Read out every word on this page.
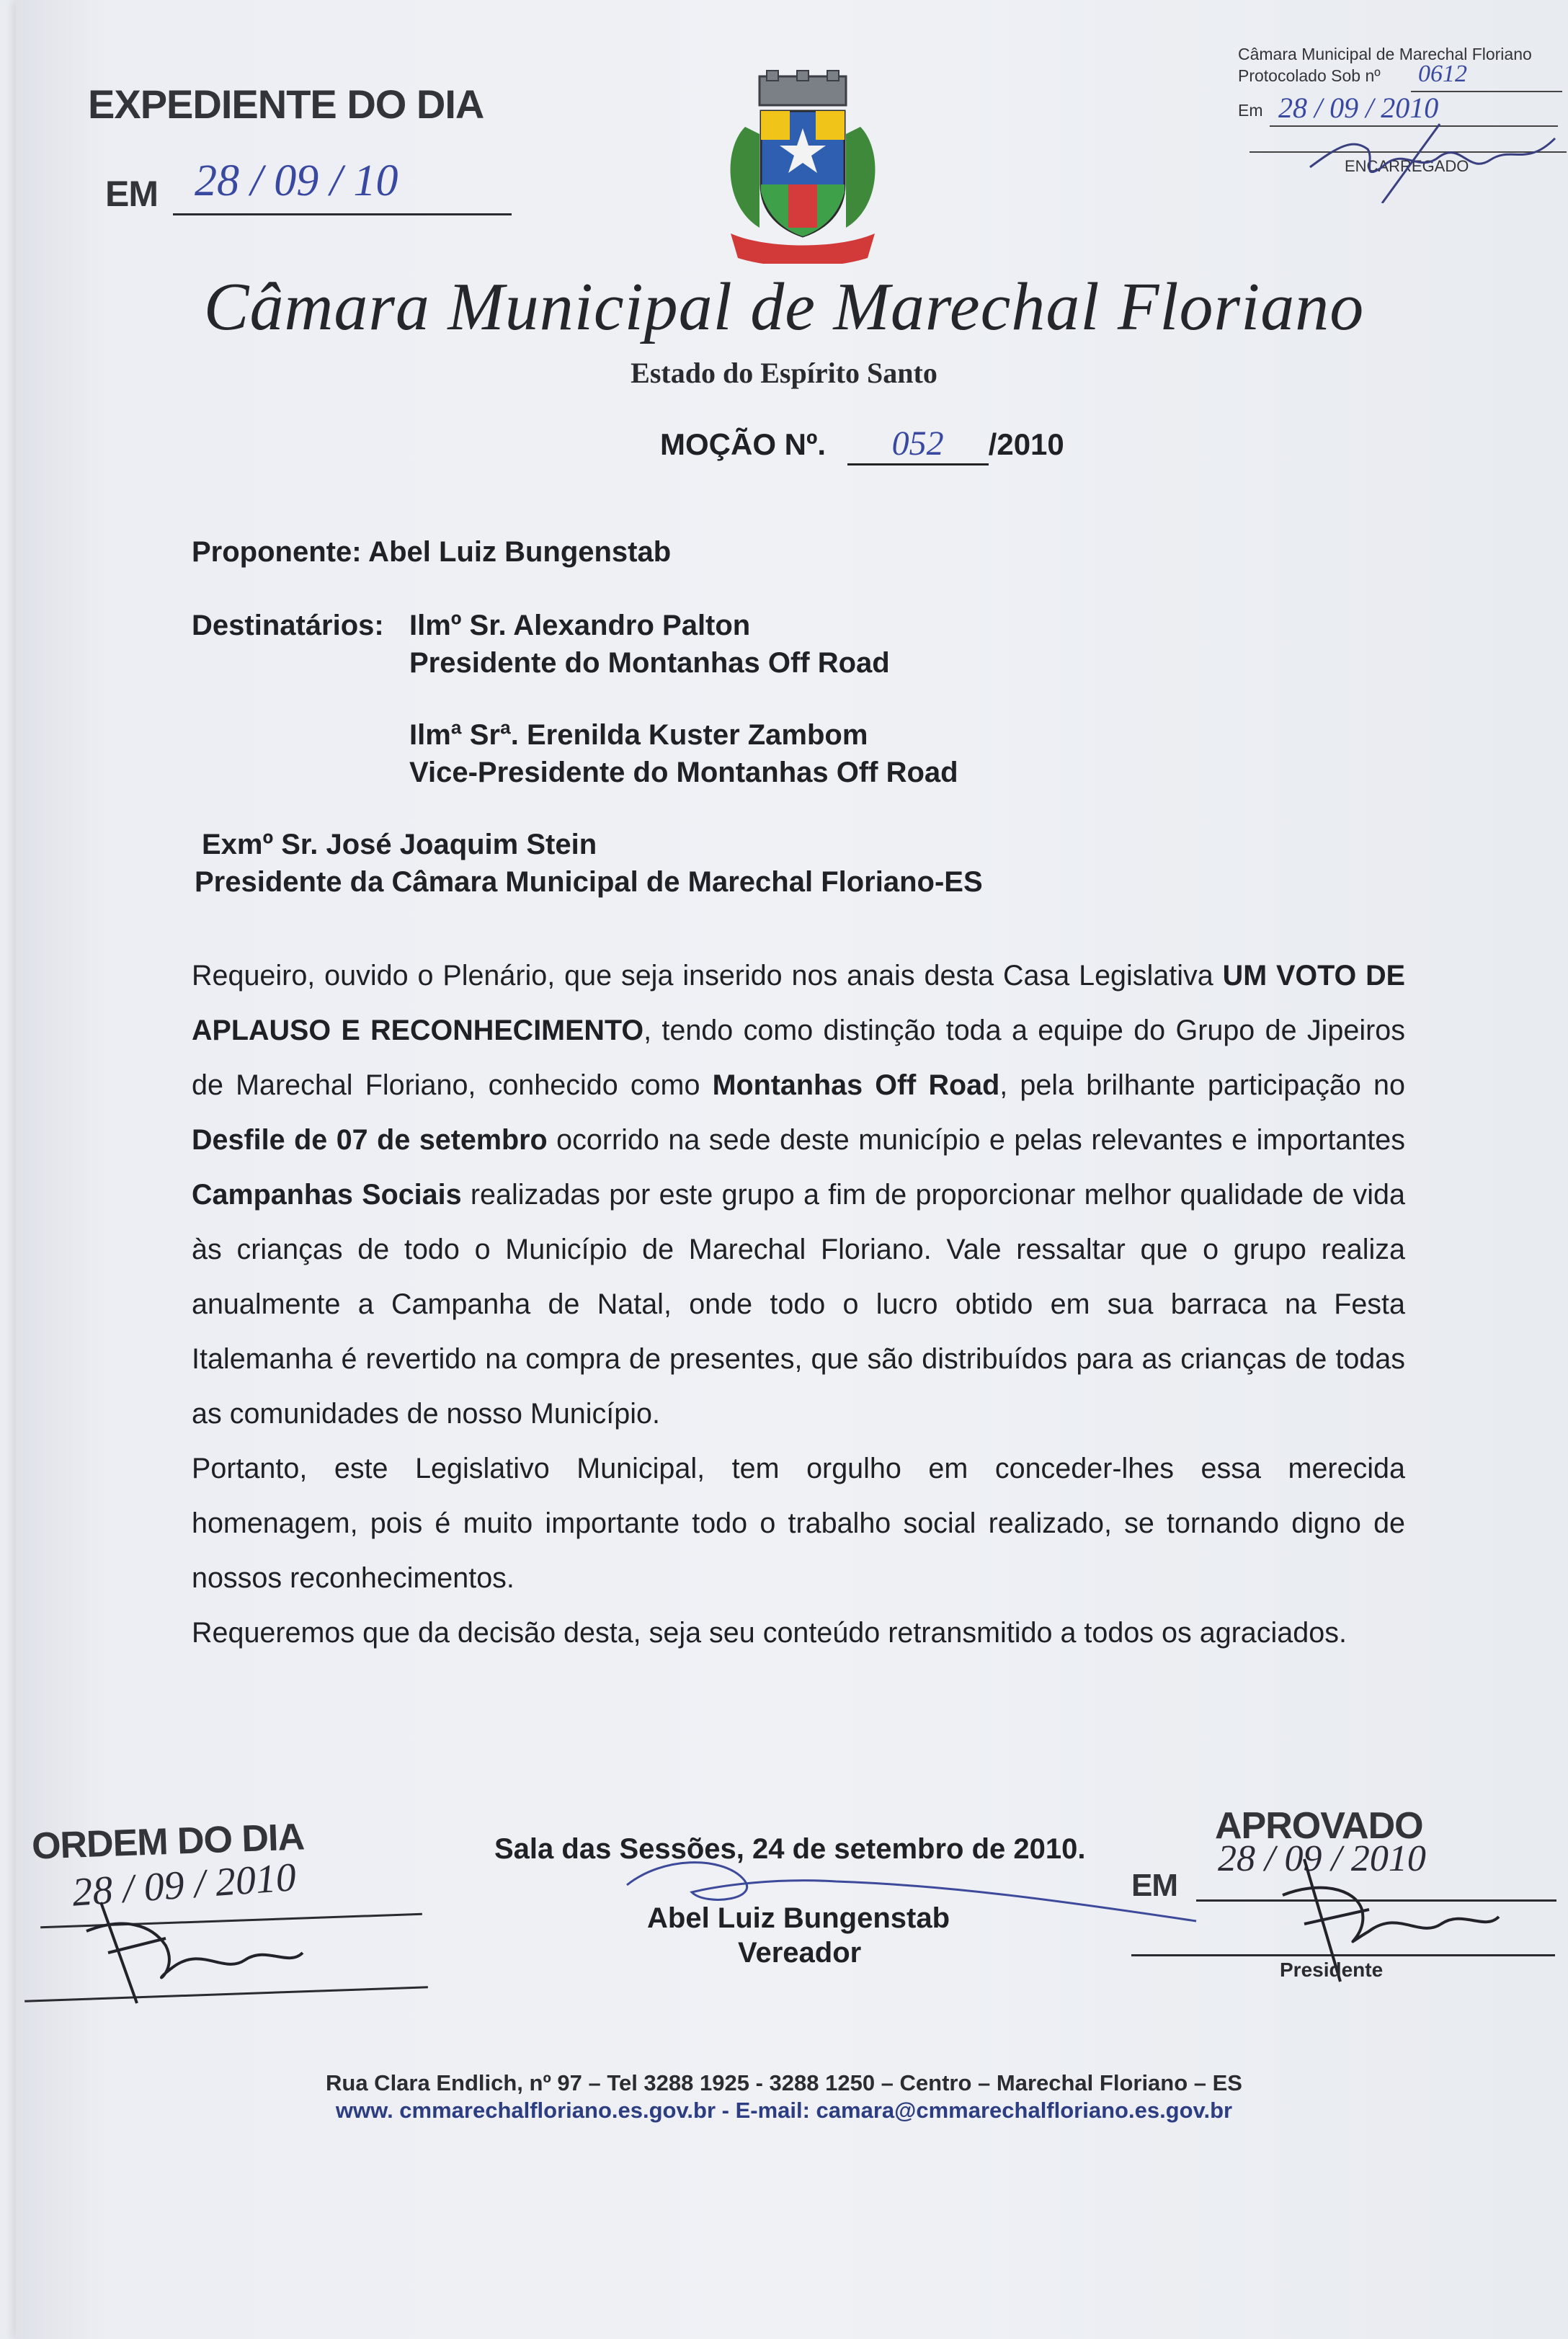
EXPEDIENTE DO DIA
EM 28 / 09 / 10
Câmara Municipal de Marechal Floriano
Protocolado Sob nº 0612
Em 28 / 09 / 2010
ENCARREGADO
Câmara Municipal de Marechal Floriano
Estado do Espírito Santo
MOÇÃO Nº. 052 /2010
Proponente: Abel Luiz Bungenstab
Destinatários: Ilmº Sr. Alexandro Palton
Presidente do Montanhas Off Road
Ilmª Srª. Erenilda Kuster Zambom
Vice-Presidente do Montanhas Off Road
Exmº Sr. José Joaquim Stein
Presidente da Câmara Municipal de Marechal Floriano-ES

Requeiro, ouvido o Plenário, que seja inserido nos anais desta Casa Legislativa UM VOTO DE APLAUSO E RECONHECIMENTO, tendo como distinção toda a equipe do Grupo de Jipeiros de Marechal Floriano, conhecido como Montanhas Off Road, pela brilhante participação no Desfile de 07 de setembro ocorrido na sede deste município e pelas relevantes e importantes Campanhas Sociais realizadas por este grupo a fim de proporcionar melhor qualidade de vida às crianças de todo o Município de Marechal Floriano. Vale ressaltar que o grupo realiza anualmente a Campanha de Natal, onde todo o lucro obtido em sua barraca na Festa Italemanha é revertido na compra de presentes, que são distribuídos para as crianças de todas as comunidades de nosso Município.

Portanto, este Legislativo Municipal, tem orgulho em conceder-lhes essa merecida homenagem, pois é muito importante todo o trabalho social realizado, se tornando digno de nossos reconhecimentos.

Requeremos que da decisão desta, seja seu conteúdo retransmitido a todos os agraciados.

ORDEM DO DIA
28 / 09 / 2010
Sala das Sessões, 24 de setembro de 2010.
Abel Luiz Bungenstab
Vereador
APROVADO
EM
28 / 09 / 2010
Presidente
Rua Clara Endlich, nº 97 – Tel 3288 1925 - 3288 1250 – Centro – Marechal Floriano – ES
www. cmmarechalfloriano.es.gov.br - E-mail: camara@cmmarechalfloriano.es.gov.br
